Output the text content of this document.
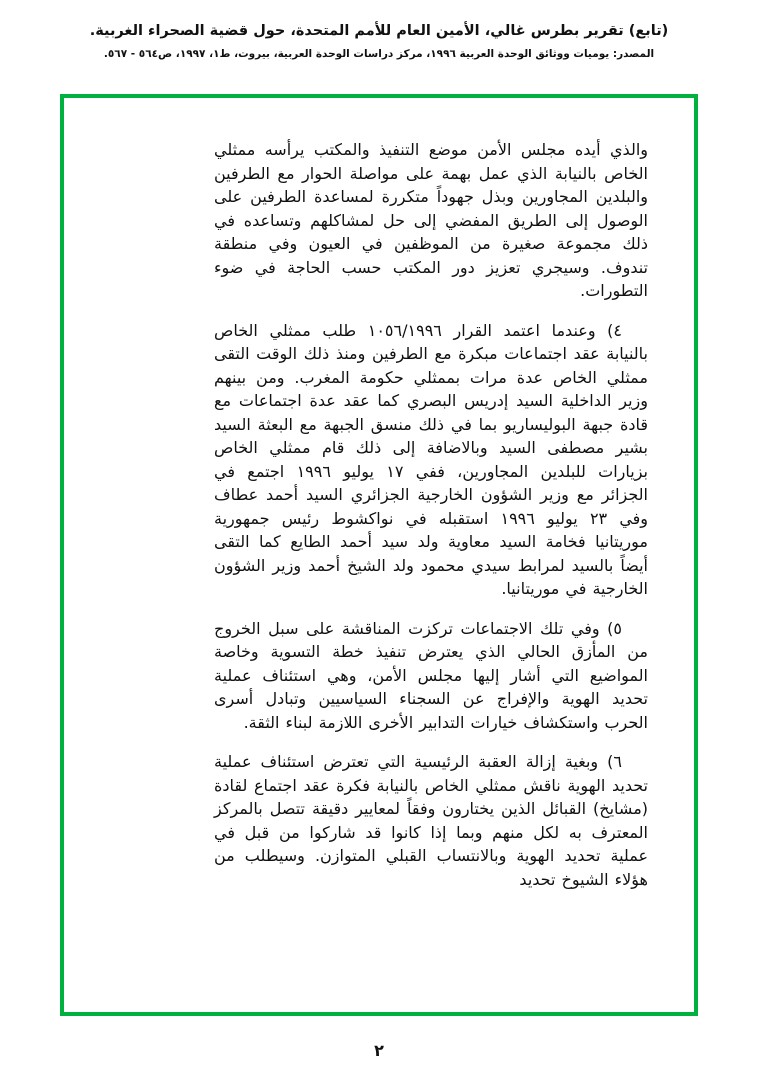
(تابع) تقرير بطرس غالي، الأمين العام للأمم المتحدة، حول قضية الصحراء الغربية.
المصدر: يوميات ووثائق الوحدة العربية ١٩٩٦، مركز دراسات الوحدة العربية، بيروت، ط١، ١٩٩٧، ص٥٦٤ - ٥٦٧.

والذي أيده مجلس الأمن موضع التنفيذ والمكتب يرأسه ممثلي الخاص بالنيابة الذي عمل بهمة على مواصلة الحوار مع الطرفين والبلدين المجاورين وبذل جهوداً متكررة لمساعدة الطرفين على الوصول إلى الطريق المفضي إلى حل لمشاكلهم وتساعده في ذلك مجموعة صغيرة من الموظفين في العيون وفي منطقة تندوف. وسيجري تعزيز دور المكتب حسب الحاجة في ضوء التطورات.

٤) وعندما اعتمد القرار ١٠٥٦/١٩٩٦ طلب ممثلي الخاص بالنيابة عقد اجتماعات مبكرة مع الطرفين ومنذ ذلك الوقت التقى ممثلي الخاص عدة مرات بممثلي حكومة المغرب. ومن بينهم وزير الداخلية السيد إدريس البصري كما عقد عدة اجتماعات مع قادة جبهة البوليساريو بما في ذلك منسق الجبهة مع البعثة السيد بشير مصطفى السيد وبالاضافة إلى ذلك قام ممثلي الخاص بزيارات للبلدين المجاورين، ففي ١٧ يوليو ١٩٩٦ اجتمع في الجزائر مع وزير الشؤون الخارجية الجزائري السيد أحمد عطاف وفي ٢٣ يوليو ١٩٩٦ استقبله في نواكشوط رئيس جمهورية موريتانيا فخامة السيد معاوية ولد سيد أحمد الطايع كما التقى أيضاً بالسيد لمرابط سيدي محمود ولد الشيخ أحمد وزير الشؤون الخارجية في موريتانيا.

٥) وفي تلك الاجتماعات تركزت المناقشة على سبل الخروج من المأزق الحالي الذي يعترض تنفيذ خطة التسوية وخاصة المواضيع التي أشار إليها مجلس الأمن، وهي استئناف عملية تحديد الهوية والإفراج عن السجناء السياسيين وتبادل أسرى الحرب واستكشاف خيارات التدابير الأخرى اللازمة لبناء الثقة.

٦) وبغية إزالة العقبة الرئيسية التي تعترض استئناف عملية تحديد الهوية ناقش ممثلي الخاص بالنيابة فكرة عقد اجتماع لقادة (مشايخ) القبائل الذين يختارون وفقاً لمعايير دقيقة تتصل بالمركز المعترف به لكل منهم وبما إذا كانوا قد شاركوا من قبل في عملية تحديد الهوية وبالانتساب القبلي المتوازن. وسيطلب من هؤلاء الشيوخ تحديد

٢
